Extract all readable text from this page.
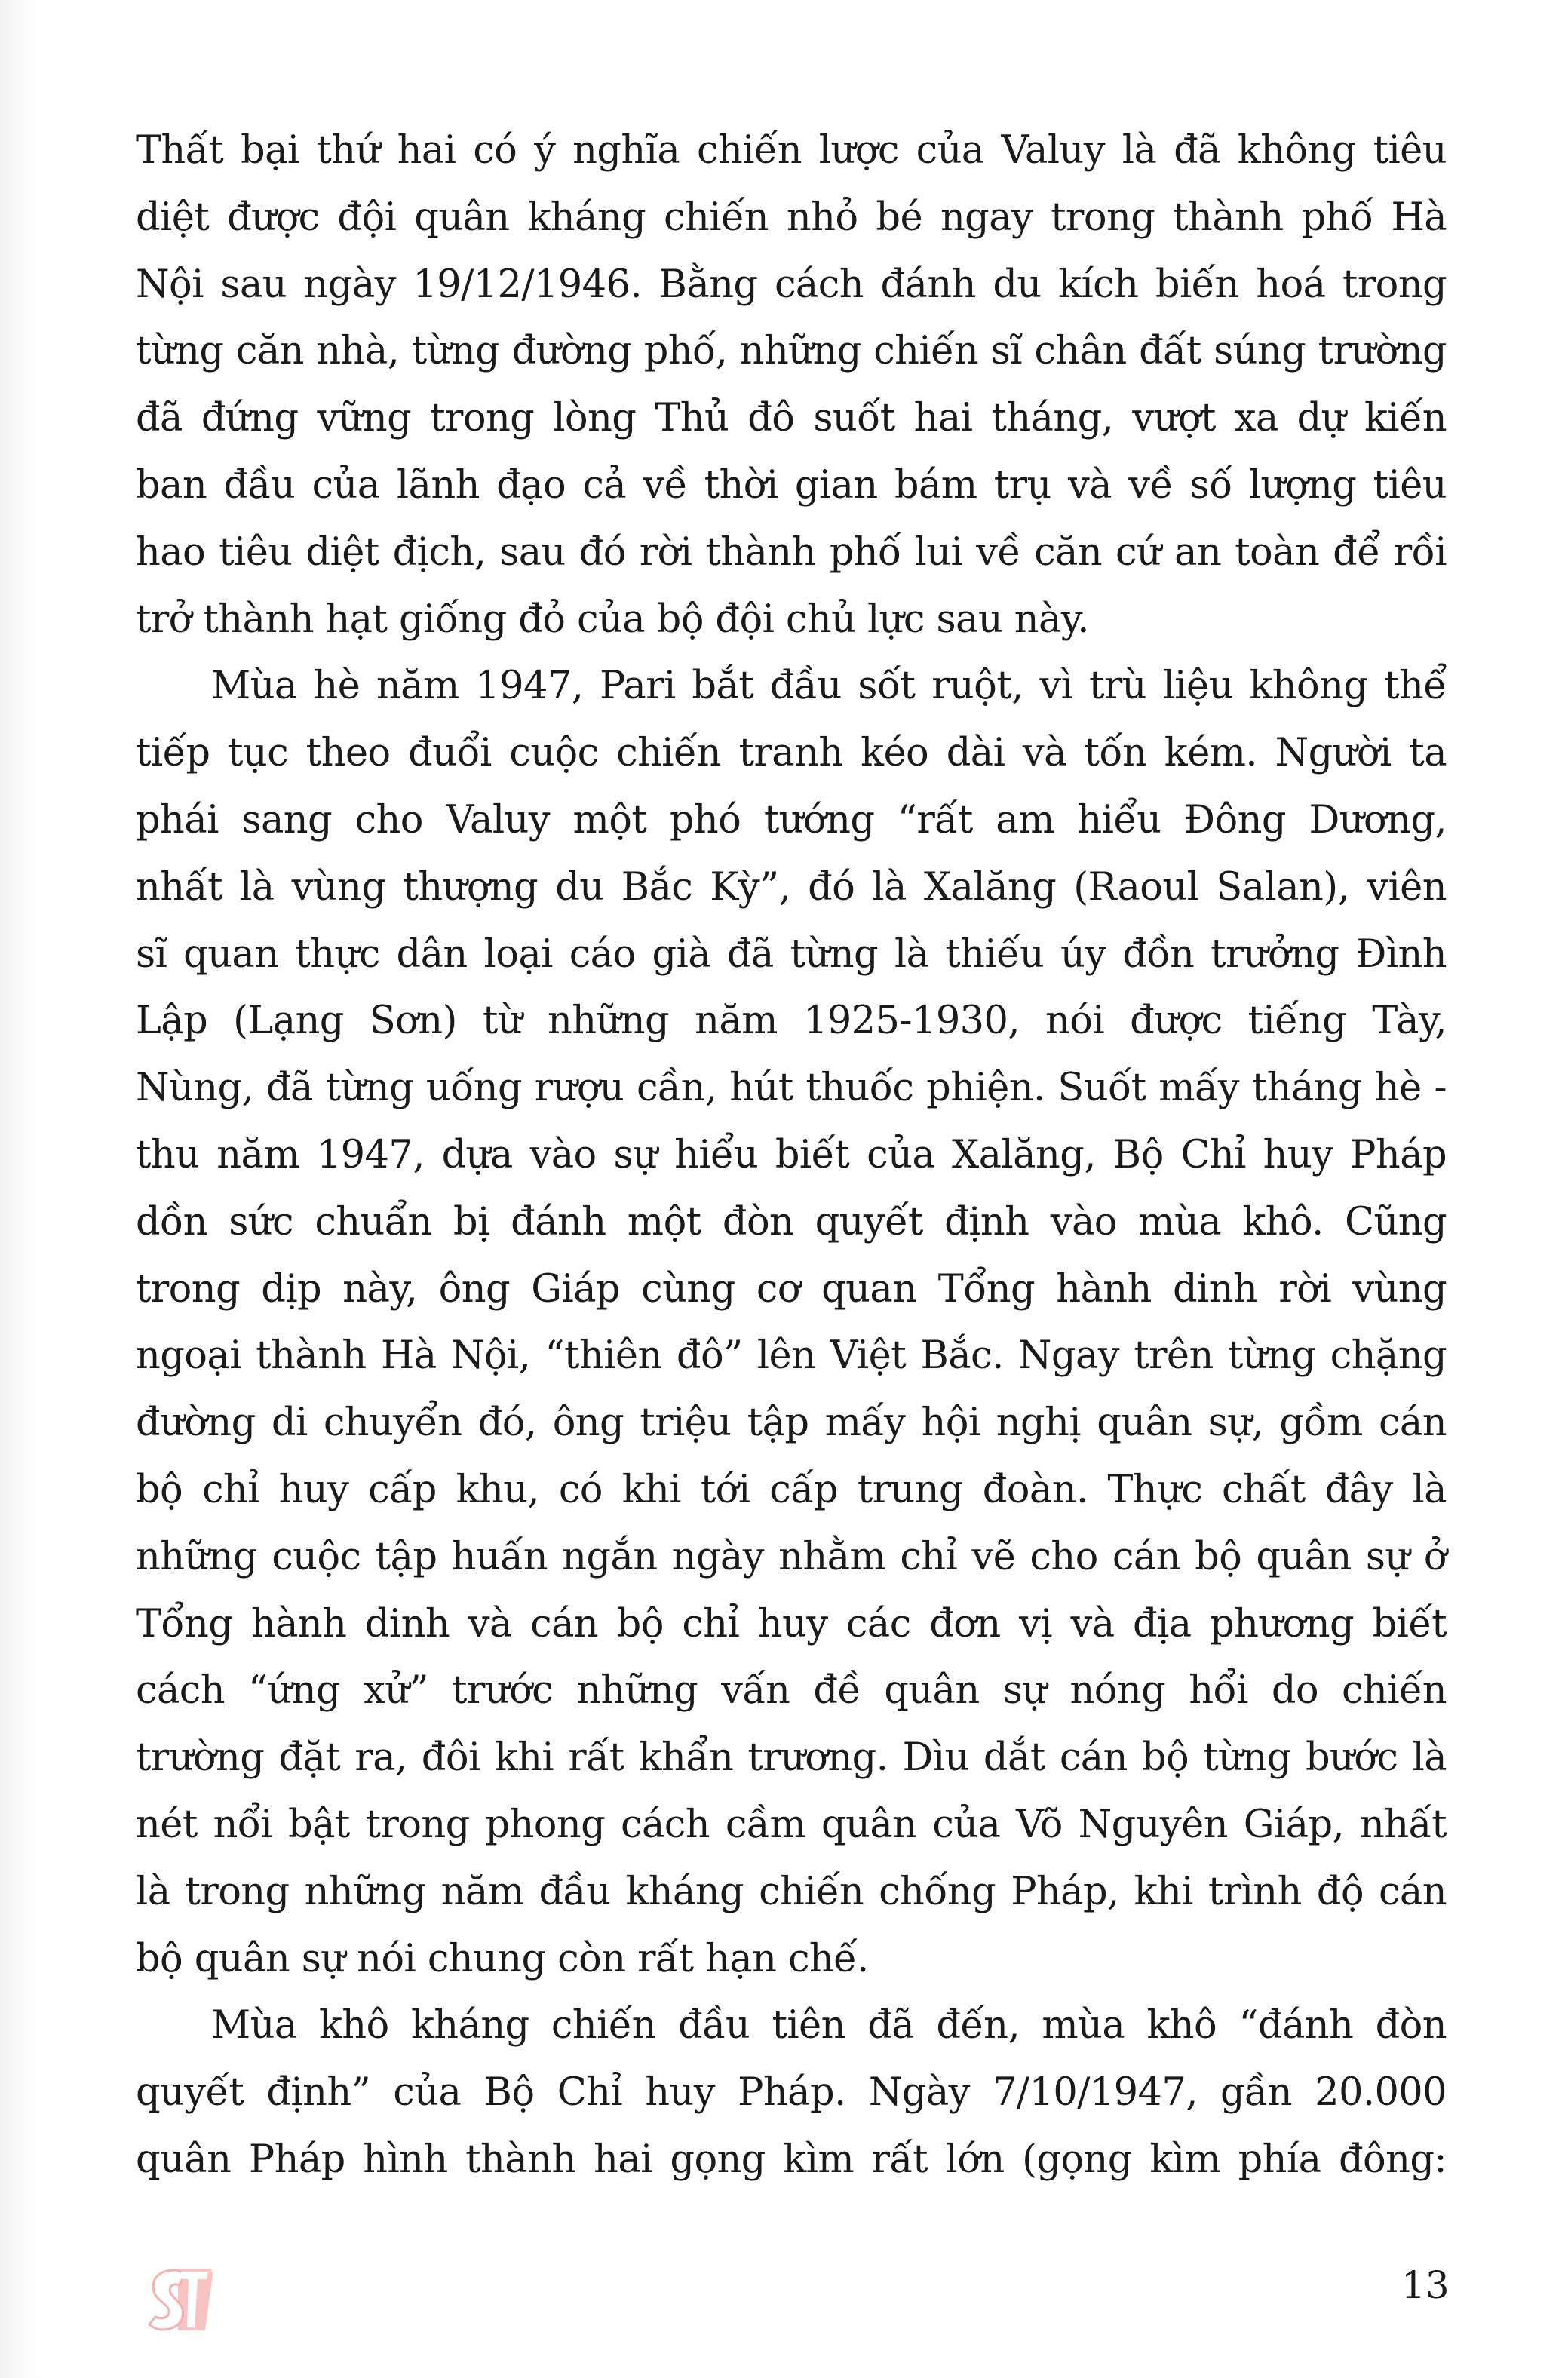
Thất bại thứ hai có ý nghĩa chiến lược của Valuy là đã không tiêu
diệt được đội quân kháng chiến nhỏ bé ngay trong thành phố Hà
Nội sau ngày 19/12/1946. Bằng cách đánh du kích biến hoá trong
từng căn nhà, từng đường phố, những chiến sĩ chân đất súng trường
đã đứng vững trong lòng Thủ đô suốt hai tháng, vượt xa dự kiến
ban đầu của lãnh đạo cả về thời gian bám trụ và về số lượng tiêu
hao tiêu diệt địch, sau đó rời thành phố lui về căn cứ an toàn để rồi
trở thành hạt giống đỏ của bộ đội chủ lực sau này.
Mùa hè năm 1947, Pari bắt đầu sốt ruột, vì trù liệu không thể
tiếp tục theo đuổi cuộc chiến tranh kéo dài và tốn kém. Người ta
phái sang cho Valuy một phó tướng “rất am hiểu Đông Dương,
nhất là vùng thượng du Bắc Kỳ”, đó là Xalăng (Raoul Salan), viên
sĩ quan thực dân loại cáo già đã từng là thiếu úy đồn trưởng Đình
Lập (Lạng Sơn) từ những năm 1925-1930, nói được tiếng Tày,
Nùng, đã từng uống rượu cần, hút thuốc phiện. Suốt mấy tháng hè -
thu năm 1947, dựa vào sự hiểu biết của Xalăng, Bộ Chỉ huy Pháp
dồn sức chuẩn bị đánh một đòn quyết định vào mùa khô. Cũng
trong dịp này, ông Giáp cùng cơ quan Tổng hành dinh rời vùng
ngoại thành Hà Nội, “thiên đô” lên Việt Bắc. Ngay trên từng chặng
đường di chuyển đó, ông triệu tập mấy hội nghị quân sự, gồm cán
bộ chỉ huy cấp khu, có khi tới cấp trung đoàn. Thực chất đây là
những cuộc tập huấn ngắn ngày nhằm chỉ vẽ cho cán bộ quân sự ở
Tổng hành dinh và cán bộ chỉ huy các đơn vị và địa phương biết
cách “ứng xử” trước những vấn đề quân sự nóng hổi do chiến
trường đặt ra, đôi khi rất khẩn trương. Dìu dắt cán bộ từng bước là
nét nổi bật trong phong cách cầm quân của Võ Nguyên Giáp, nhất
là trong những năm đầu kháng chiến chống Pháp, khi trình độ cán
bộ quân sự nói chung còn rất hạn chế.
Mùa khô kháng chiến đầu tiên đã đến, mùa khô “đánh đòn
quyết định” của Bộ Chỉ huy Pháp. Ngày 7/10/1947, gần 20.000
quân Pháp hình thành hai gọng kìm rất lớn (gọng kìm phía đông:
13
